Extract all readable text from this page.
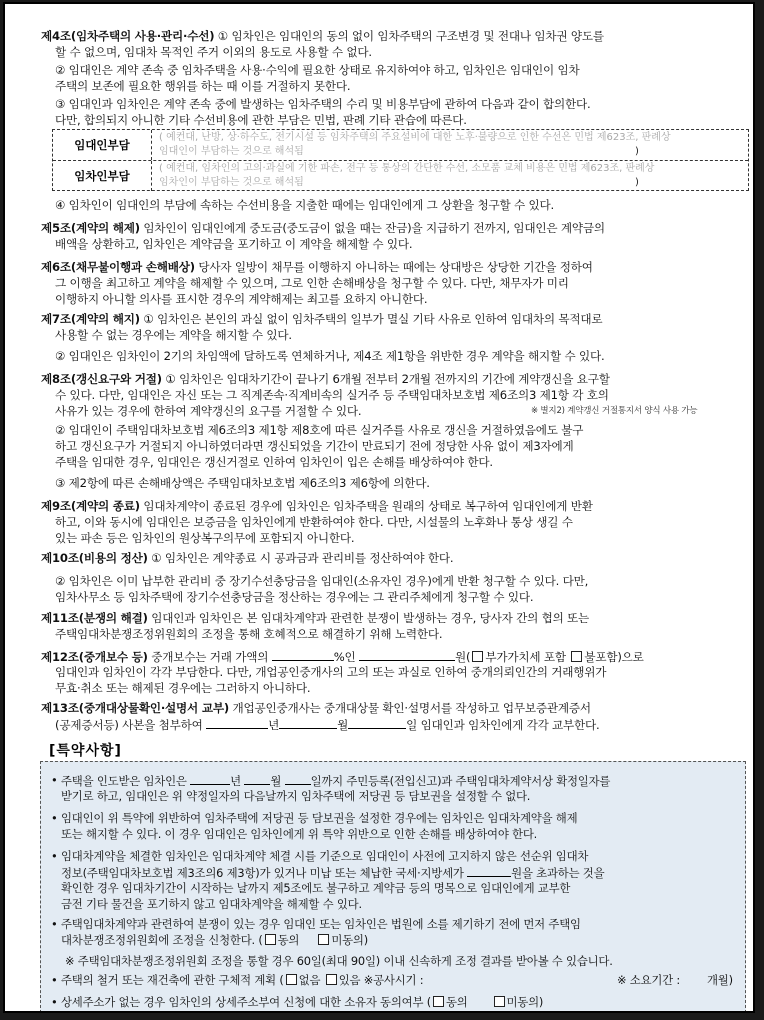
제4조(임차주택의 사용·관리·수선) ① 임차인은 임대인의 동의 없이 임차주택의 구조변경 및 전대나 임차권 양도를
할 수 없으며, 임대차 목적인 주거 이외의 용도로 사용할 수 없다.
② 임대인은 계약 존속 중 임차주택을 사용·수익에 필요한 상태로 유지하여야 하고, 임차인은 임대인이 임차
주택의 보존에 필요한 행위를 하는 때 이를 거절하지 못한다.
③ 임대인과 임차인은 계약 존속 중에 발생하는 임차주택의 수리 및 비용부담에 관하여 다음과 같이 합의한다.
다만, 합의되지 아니한 기타 수선비용에 관한 부담은 민법, 판례 기타 관습에 따른다.
임대인부담
( 예컨대, 난방, 상·하수도, 전기시설 등 임차주택의 주요설비에 대한 노후·불량으로 인한 수선은 민법 제623조, 판례상
임대인이 부담하는 것으로 해석됨	)
임차인부담
( 예컨대, 임차인의 고의·과실에 기한 파손, 전구 등 통상의 간단한 수선, 소모품 교체 비용은 민법 제623조, 판례상
임차인이 부담하는 것으로 해석됨	)
④ 임차인이 임대인의 부담에 속하는 수선비용을 지출한 때에는 임대인에게 그 상환을 청구할 수 있다.
제5조(계약의 해제) 임차인이 임대인에게 중도금(중도금이 없을 때는 잔금)을 지급하기 전까지, 임대인은 계약금의
배액을 상환하고, 임차인은 계약금을 포기하고 이 계약을 해제할 수 있다.
제6조(채무불이행과 손해배상) 당사자 일방이 채무를 이행하지 아니하는 때에는 상대방은 상당한 기간을 정하여
그 이행을 최고하고 계약을 해제할 수 있으며, 그로 인한 손해배상을 청구할 수 있다. 다만, 채무자가 미리
이행하지 아니할 의사를 표시한 경우의 계약해제는 최고를 요하지 아니한다.
제7조(계약의 해지) ① 임차인은 본인의 과실 없이 임차주택의 일부가 멸실 기타 사유로 인하여 임대차의 목적대로
사용할 수 없는 경우에는 계약을 해지할 수 있다.
② 임대인은 임차인이 2기의 차임액에 달하도록 연체하거나, 제4조 제1항을 위반한 경우 계약을 해지할 수 있다.
제8조(갱신요구와 거절) ① 임차인은 임대차기간이 끝나기 6개월 전부터 2개월 전까지의 기간에 계약갱신을 요구할
수 있다. 다만, 임대인은 자신 또는 그 직계존속·직계비속의 실거주 등 주택임대차보호법 제6조의3 제1항 각 호의
사유가 있는 경우에 한하여 계약갱신의 요구를 거절할 수 있다.	※ 별지2) 계약갱신 거절통지서 양식 사용 가능
② 임대인이 주택임대차보호법 제6조의3 제1항 제8호에 따른 실거주를 사유로 갱신을 거절하였음에도 불구
하고 갱신요구가 거절되지 아니하였더라면 갱신되었을 기간이 만료되기 전에 정당한 사유 없이 제3자에게
주택을 임대한 경우, 임대인은 갱신거절로 인하여 임차인이 입은 손해를 배상하여야 한다.
③ 제2항에 따른 손해배상액은 주택임대차보호법 제6조의3 제6항에 의한다.
제9조(계약의 종료) 임대차계약이 종료된 경우에 임차인은 임차주택을 원래의 상태로 복구하여 임대인에게 반환
하고, 이와 동시에 임대인은 보증금을 임차인에게 반환하여야 한다. 다만, 시설물의 노후화나 통상 생길 수
있는 파손 등은 임차인의 원상복구의무에 포함되지 아니한다.
제10조(비용의 정산) ① 임차인은 계약종료 시 공과금과 관리비를 정산하여야 한다.
② 임차인은 이미 납부한 관리비 중 장기수선충당금을 임대인(소유자인 경우)에게 반환 청구할 수 있다. 다만,
임차사무소 등 임차주택에 장기수선충당금을 정산하는 경우에는 그 관리주체에게 청구할 수 있다.
제11조(분쟁의 해결) 임대인과 임차인은 본 임대차계약과 관련한 분쟁이 발생하는 경우, 당사자 간의 협의 또는
주택임대차분쟁조정위원회의 조정을 통해 호혜적으로 해결하기 위해 노력한다.
제12조(중개보수 등) 중개보수는 거래 가액의	%인	원( 부가가치세 포함 불포함)으로
임대인과 임차인이 각각 부담한다. 다만, 개업공인중개사의 고의 또는 과실로 인하여 중개의뢰인간의 거래행위가
무효·취소 또는 해제된 경우에는 그러하지 아니하다.
제13조(중개대상물확인·설명서 교부) 개업공인중개사는 중개대상물 확인·설명서를 작성하고 업무보증관계증서
(공제증서등) 사본을 첨부하여	년	월	일 임대인과 임차인에게 각각 교부한다.
[특약사항]
• 주택을 인도받은 임차인은	년	월	일까지 주민등록(전입신고)과 주택임대차계약서상 확정일자를
받기로 하고, 임대인은 위 약정일자의 다음날까지 임차주택에 저당권 등 담보권을 설정할 수 없다.
• 임대인이 위 특약에 위반하여 임차주택에 저당권 등 담보권을 설정한 경우에는 임차인은 임대차계약을 해제
또는 해지할 수 있다. 이 경우 임대인은 임차인에게 위 특약 위반으로 인한 손해를 배상하여야 한다.
• 임대차계약을 체결한 임차인은 임대차계약 체결 시를 기준으로 임대인이 사전에 고지하지 않은 선순위 임대차
정보(주택임대차보호법 제3조의6 제3항)가 있거나 미납 또는 체납한 국세·지방세가	원을 초과하는 것을
확인한 경우 임대차기간이 시작하는 날까지 제5조에도 불구하고 계약금 등의 명목으로 임대인에게 교부한
금전 기타 물건을 포기하지 않고 임대차계약을 해제할 수 있다.
• 주택임대차계약과 관련하여 분쟁이 있는 경우 임대인 또는 임차인은 법원에 소를 제기하기 전에 먼저 주택임
대차분쟁조정위원회에 조정을 신청한다. ( 동의	미동의)
※ 주택임대차분쟁조정위원회 조정을 통할 경우 60일(최대 90일) 이내 신속하게 조정 결과를 받아볼 수 있습니다.
• 주택의 철거 또는 재건축에 관한 구체적 계획 ( 없음 있음 ※공사시기 :	※ 소요기간 : 개월)
• 상세주소가 없는 경우 임차인의 상세주소부여 신청에 대한 소유자 동의여부 ( 동의	미동의)
